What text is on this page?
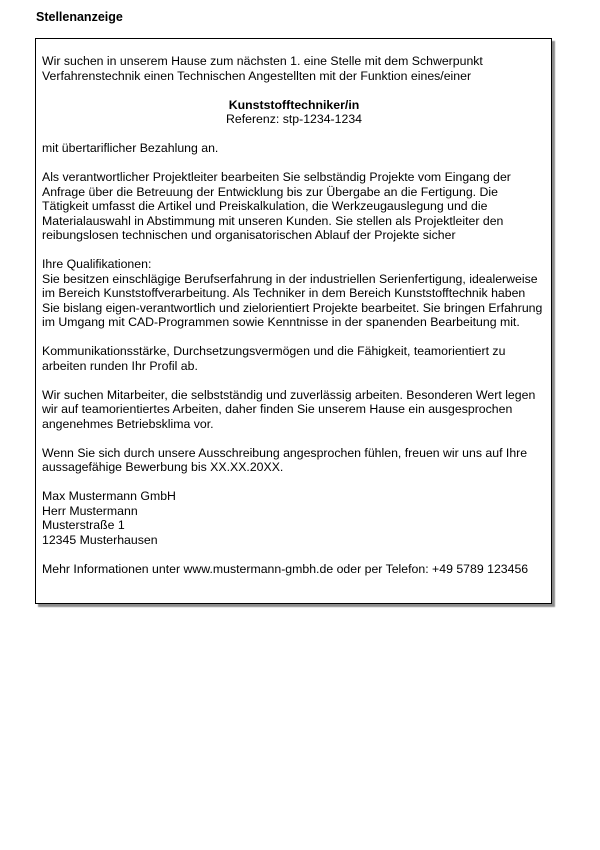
Stellenanzeige

Wir suchen in unserem Hause zum nächsten 1. eine Stelle mit dem Schwerpunkt Verfahrenstechnik einen Technischen Angestellten mit der Funktion eines/einer

Kunststofftechniker/in
Referenz: stp-1234-1234

mit übertariflicher Bezahlung an.

Als verantwortlicher Projektleiter bearbeiten Sie selbständig Projekte vom Eingang der Anfrage über die Betreuung der Entwicklung bis zur Übergabe an die Fertigung. Die Tätigkeit umfasst die Artikel und Preiskalkulation, die Werkzeugauslegung und die Materialauswahl in Abstimmung mit unseren Kunden. Sie stellen als Projektleiter den reibungslosen technischen und organisatorischen Ablauf der Projekte sicher

Ihre Qualifikationen:
Sie besitzen einschlägige Berufserfahrung in der industriellen Serienfertigung, idealerweise im Bereich Kunststoffverarbeitung. Als Techniker in dem Bereich Kunststofftechnik haben Sie bislang eigen-verantwortlich und zielorientiert Projekte bearbeitet. Sie bringen Erfahrung im Umgang mit CAD-Programmen sowie Kenntnisse in der spanenden Bearbeitung mit.

Kommunikationsstärke, Durchsetzungsvermögen und die Fähigkeit, teamorientiert zu arbeiten runden Ihr Profil ab.

Wir suchen Mitarbeiter, die selbstständig und zuverlässig arbeiten. Besonderen Wert legen wir auf teamorientiertes Arbeiten, daher finden Sie unserem Hause ein ausgesprochen angenehmes Betriebsklima vor.

Wenn Sie sich durch unsere Ausschreibung angesprochen fühlen, freuen wir uns auf Ihre aussagefähige Bewerbung bis XX.XX.20XX.

Max Mustermann GmbH
Herr Mustermann
Musterstraße 1
12345 Musterhausen

Mehr Informationen unter www.mustermann-gmbh.de oder per Telefon: +49 5789 123456
